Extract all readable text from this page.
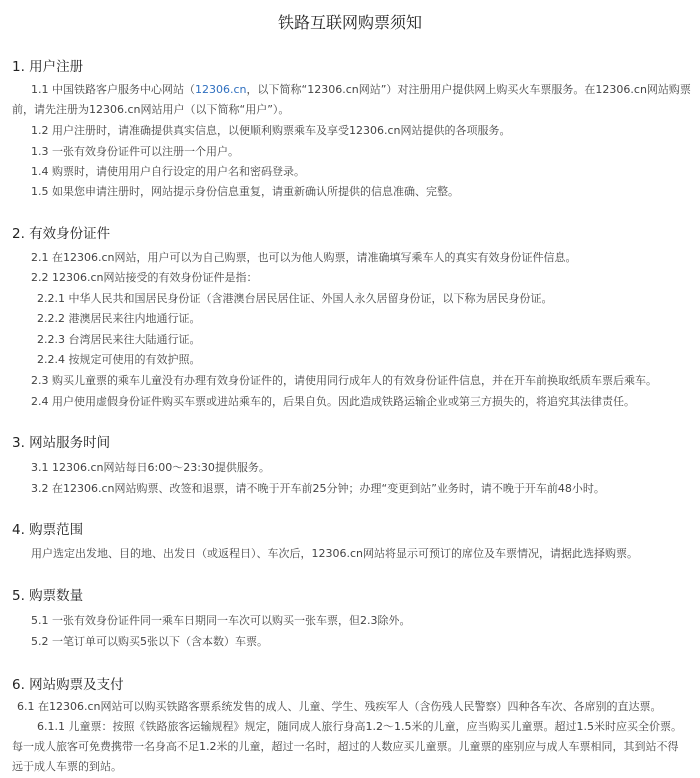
铁路互联网购票须知
1. 用户注册
1.1 中国铁路客户服务中心网站（12306.cn，以下简称“12306.cn网站”）对注册用户提供网上购买火车票服务。在12306.cn网站购票
前，请先注册为12306.cn网站用户（以下简称“用户”）。
1.2 用户注册时，请准确提供真实信息，以便顺利购票乘车及享受12306.cn网站提供的各项服务。
1.3 一张有效身份证件可以注册一个用户。
1.4 购票时，请使用用户自行设定的用户名和密码登录。
1.5 如果您申请注册时，网站提示身份信息重复，请重新确认所提供的信息准确、完整。
2. 有效身份证件
2.1 在12306.cn网站，用户可以为自己购票，也可以为他人购票，请准确填写乘车人的真实有效身份证件信息。
2.2 12306.cn网站接受的有效身份证件是指：
2.2.1 中华人民共和国居民身份证（含港澳台居民居住证、外国人永久居留身份证，以下称为居民身份证。
2.2.2 港澳居民来往内地通行证。
2.2.3 台湾居民来往大陆通行证。
2.2.4 按规定可使用的有效护照。
2.3 购买儿童票的乘车儿童没有办理有效身份证件的，请使用同行成年人的有效身份证件信息，并在开车前换取纸质车票后乘车。
2.4 用户使用虚假身份证件购买车票或进站乘车的，后果自负。因此造成铁路运输企业或第三方损失的，将追究其法律责任。
3. 网站服务时间
3.1 12306.cn网站每日6:00～23:30提供服务。
3.2 在12306.cn网站购票、改签和退票，请不晚于开车前25分钟；办理“变更到站”业务时，请不晚于开车前48小时。
4. 购票范围
用户选定出发地、目的地、出发日（或返程日）、车次后，12306.cn网站将显示可预订的席位及车票情况，请据此选择购票。
5. 购票数量
5.1 一张有效身份证件同一乘车日期同一车次可以购买一张车票，但2.3除外。
5.2 一笔订单可以购买5张以下（含本数）车票。
6. 网站购票及支付
6.1 在12306.cn网站可以购买铁路客票系统发售的成人、儿童、学生、残疾军人（含伤残人民警察）四种各车次、各席别的直达票。
6.1.1 儿童票：按照《铁路旅客运输规程》规定，随同成人旅行身高1.2～1.5米的儿童，应当购买儿童票。超过1.5米时应买全价票。
每一成人旅客可免费携带一名身高不足1.2米的儿童，超过一名时，超过的人数应买儿童票。儿童票的座别应与成人车票相同，其到站不得
远于成人车票的到站。
